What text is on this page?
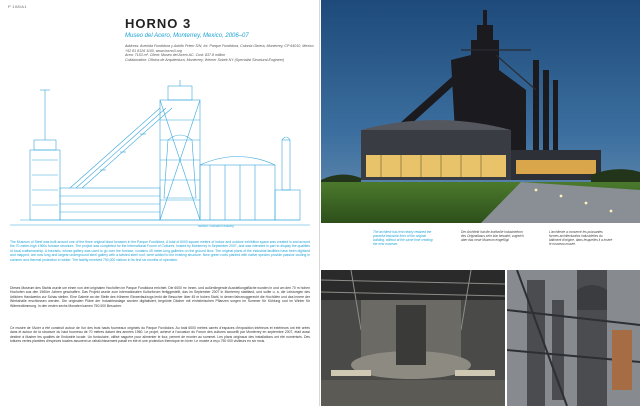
P 108/A1
HORNO 3
Museo del Acero, Monterrey, Mexico, 2006–07
Address: Avenida Fundidora y Adolfo Prieto S/N, Int. Parque Fundidora, Colonia Obrera, Monterrey, CP 64010, Mexico
+52 81 8126 1100, www.horno3.org
Area: 7153 m². Client: Museo del Acero AC. Cost: $37.8 million
Collaboration: Oficina de Arquitectura, Monterrey; Werner Sobek NY (Specialist Structural Engineer)
Section / elevation drawing
The Museum of Steel was built around one of the three original blast furnaces in the Parque Fundidora. A total of 6000 square meters of indoor and outdoor exhibition space was created in and around the 70-meter-high 1960s furnace structure. The project was completed for the International Forum of Cultures, hosted by Monterrey in September 2007, and was intended in part to display the qualities of local craftsmanship. A futuristic, whose gallery was used to go over the furnace, contains 45 meter-long galleries on the ground floor. The original plans of the industrial facilities have been digitized and mapped, are now long and largest underground steel gallery with a twisted steel roof, were added to the existing structure. New green roofs planted with native species provide passive cooling in summer and thermal protection in winter. The facility received 750,000 visitors in its first six months of operation.
Dieses Museum des Stahls wurde um einen von drei originalen Hochöfen im Parque Fundidora errichtet. Die 6000 m² Innen- und außenliegende Ausstellungsfläche wurden in und um den 70 m hohen Hochofen aus den 1960er Jahren geschaffen. Das Projekt wurde zum Internationalen Kulturforum fertiggestellt, das im September 2007 in Monterrey stattfand, und sollte u. a. die Leistungen des örtlichen Handwerks zur Schau stellen. Eine Galerie an der Stelle des früheren Einwerfaufzugs lenkt die Besucher über 45 m hohen Stahl, in denen fahrzeuggerecht die Hochöfen und das Innere der Werkshalle erschlossen werden. Die originalen Pläne der Industrieanlage wurden digitalisiert; begrünte Dächer mit einheimischen Pflanzen sorgen im Sommer für Kühlung und im Winter für Wärmedämmung. In den ersten sechs Monaten kamen 750.000 Besucher.
Ce musée de l'Acier a été construit autour de l'un des trois hauts fourneaux originels du Parque Fundidora. Au total 6000 mètres carrés d'espaces d'exposition intérieurs et extérieurs ont été créés dans et autour de la structure du haut fourneau de 70 mètres datant des années 1960. Le projet, achevé à l'occasion du Forum des cultures accueilli par Monterrey en septembre 2007, était aussi destiné à illustrer les qualités de l'industrie locale. Un funiculaire, utilisé naguère pour alimenter le four, permet de monter au sommet. Les plans originaux des installations ont été numérisés. Des toitures vertes plantées d'espèces locales assurent un rafraîchissement passif en été et une protection thermique en hiver. Le musée a reçu 750 000 visiteurs en six mois.
The architect has lent clearly retained the powerful industrial form of the original building, without at the same time creating the new museum.
Der Architekt hat die kraftvolle Industrieform des Originalbaus sehr klar bewahrt, zugleich aber das neue Museum eingefügt.
L'architecte a conservé les puissantes formes architecturales industrielles du bâtiment d'origine, dans lesquelles il a inséré le nouveau musée.
